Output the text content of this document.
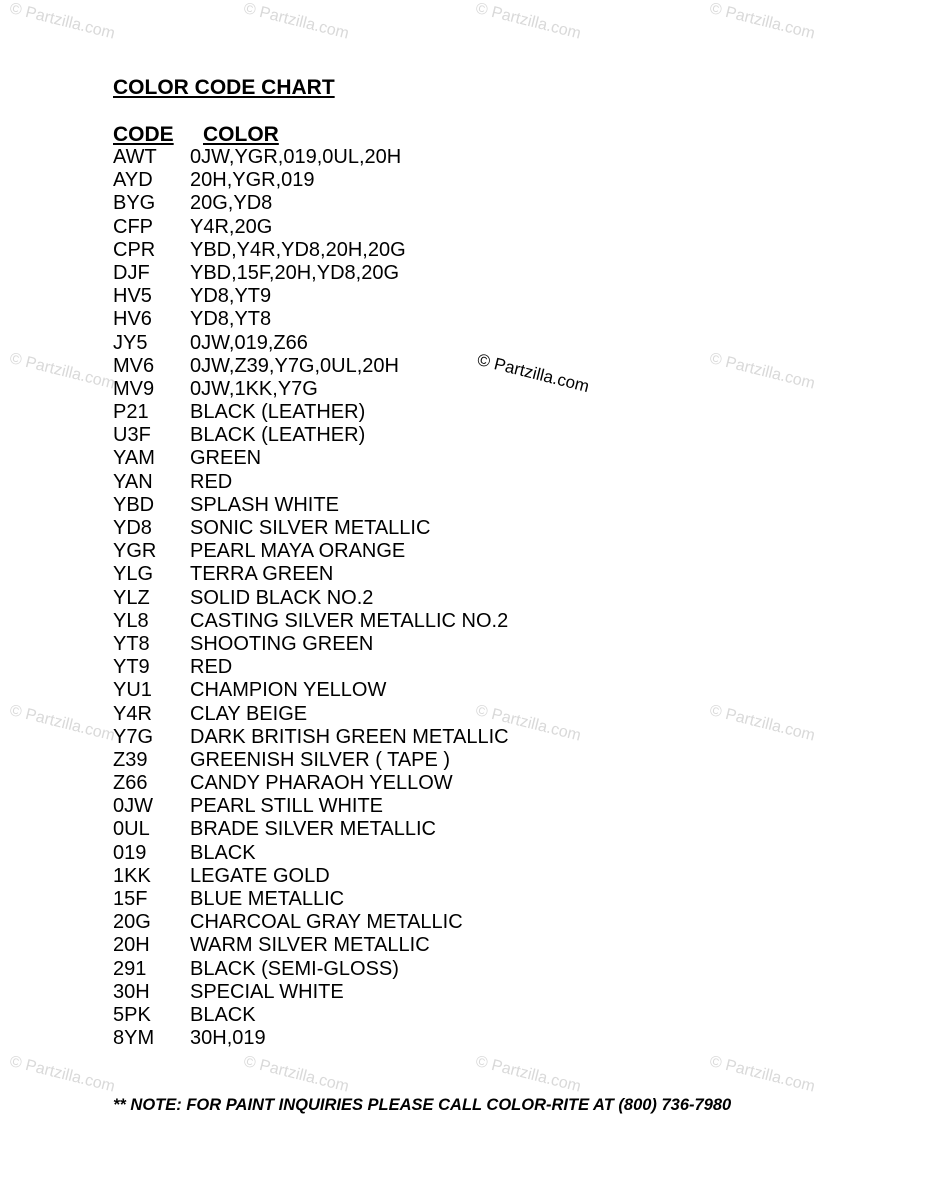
© Partzilla.com	© Partzilla.com	© Partzilla.com	© Partzilla.com
© Partzilla.com	© Partzilla.com	© Partzilla.com
© Partzilla.com	© Partzilla.com	© Partzilla.com
© Partzilla.com	© Partzilla.com	© Partzilla.com	© Partzilla.com
COLOR CODE CHART
CODE COLOR
AWT	0JW,YGR,019,0UL,20H
AYD	20H,YGR,019
BYG	20G,YD8
CFP	Y4R,20G
CPR	YBD,Y4R,YD8,20H,20G
DJF	YBD,15F,20H,YD8,20G
HV5	YD8,YT9
HV6	YD8,YT8
JY5	0JW,019,Z66
MV6	0JW,Z39,Y7G,0UL,20H
MV9	0JW,1KK,Y7G
P21	BLACK (LEATHER)
U3F	BLACK (LEATHER)
YAM	GREEN
YAN	RED
YBD	SPLASH WHITE
YD8	SONIC SILVER METALLIC
YGR	PEARL MAYA ORANGE
YLG	TERRA GREEN
YLZ	SOLID BLACK NO.2
YL8	CASTING SILVER METALLIC NO.2
YT8	SHOOTING GREEN
YT9	RED
YU1	CHAMPION YELLOW
Y4R	CLAY BEIGE
Y7G	DARK BRITISH GREEN METALLIC
Z39	GREENISH SILVER ( TAPE )
Z66	CANDY PHARAOH YELLOW
0JW	PEARL STILL WHITE
0UL	BRADE SILVER METALLIC
019	BLACK
1KK	LEGATE GOLD
15F	BLUE METALLIC
20G	CHARCOAL GRAY METALLIC
20H	WARM SILVER METALLIC
291	BLACK (SEMI-GLOSS)
30H	SPECIAL WHITE
5PK	BLACK
8YM	30H,019
** NOTE: FOR PAINT INQUIRIES PLEASE CALL COLOR-RITE AT (800) 736-7980
